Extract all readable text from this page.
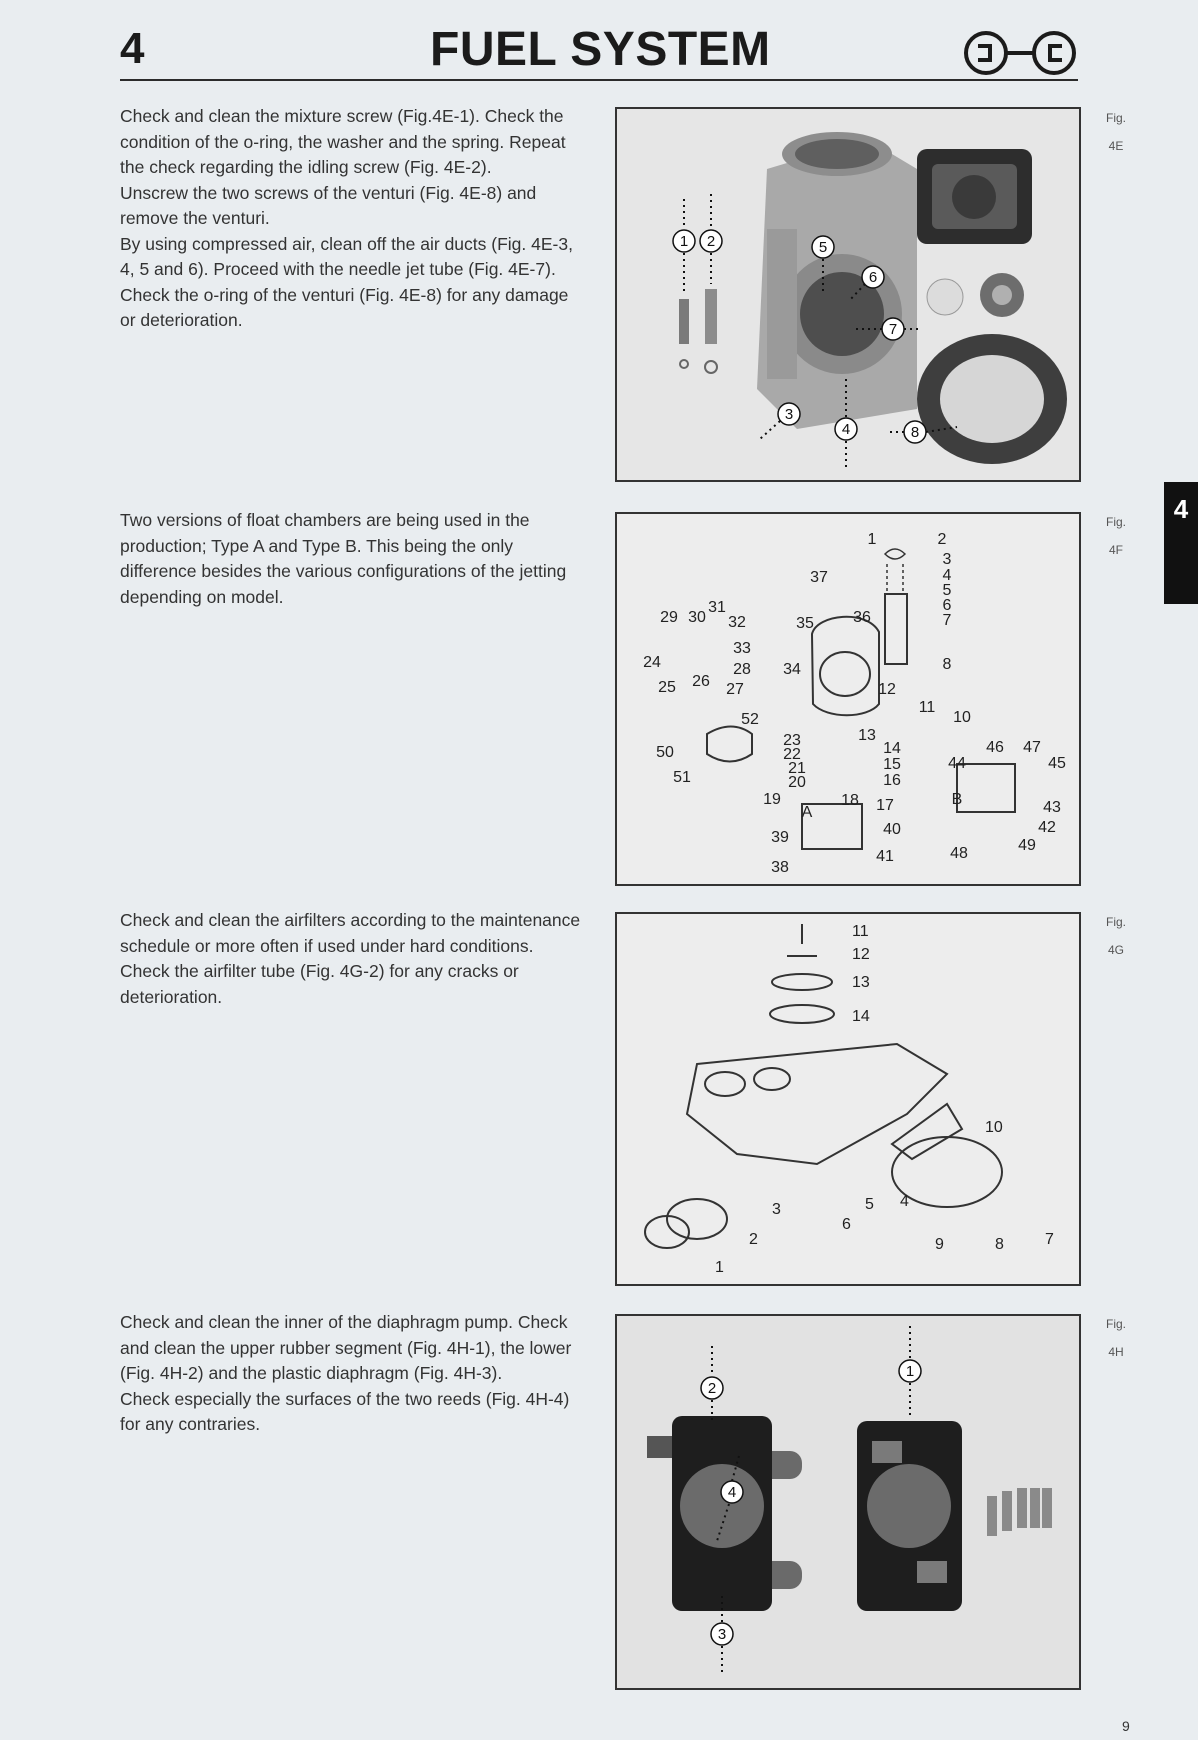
4	FUEL SYSTEM
4

Check and clean the mixture screw (Fig.4E-1). Check the condition of the o-ring, the washer and the spring. Repeat the check regarding the idling screw (Fig. 4E-2).

Unscrew the two screws of the venturi (Fig. 4E-8) and remove the venturi.

By using compressed air, clean off the air ducts (Fig. 4E-3, 4, 5 and 6). Proceed with the needle jet tube (Fig. 4E-7).

Check the o-ring of the venturi (Fig. 4E-8) for any damage or deterioration.

1 2
3
4
5
6
7
8
Fig.
4E

Two versions of float chambers are being used in the production; Type A and Type B. This being the only difference besides the various configurations of the jetting depending on model.

1	2
3
4
5
6
7
8
10
11
12
13
14
15
16
17
18
19
20
21
22
23
24
25 26 27
28
29 30
31
32
33
34
35 36
37
38
39	40
41
42
43
44	45
46 47
48	49
50
51
52
A
B
Fig.
4F

Check and clean the airfilters according to the maintenance schedule or more often if used under hard conditions.

Check the airfilter tube (Fig. 4G-2) for any cracks or deterioration.

11
12
13
14
10
1
2
3	4
5
6
7
8
9
Fig.
4G

Check and clean the inner of the diaphragm pump. Check and clean the upper rubber segment (Fig. 4H-1), the lower (Fig. 4H-2) and the plastic diaphragm (Fig. 4H-3).

Check especially the surfaces of the two reeds (Fig. 4H-4) for any contraries.

1
2
3
4
Fig.
4H
9
